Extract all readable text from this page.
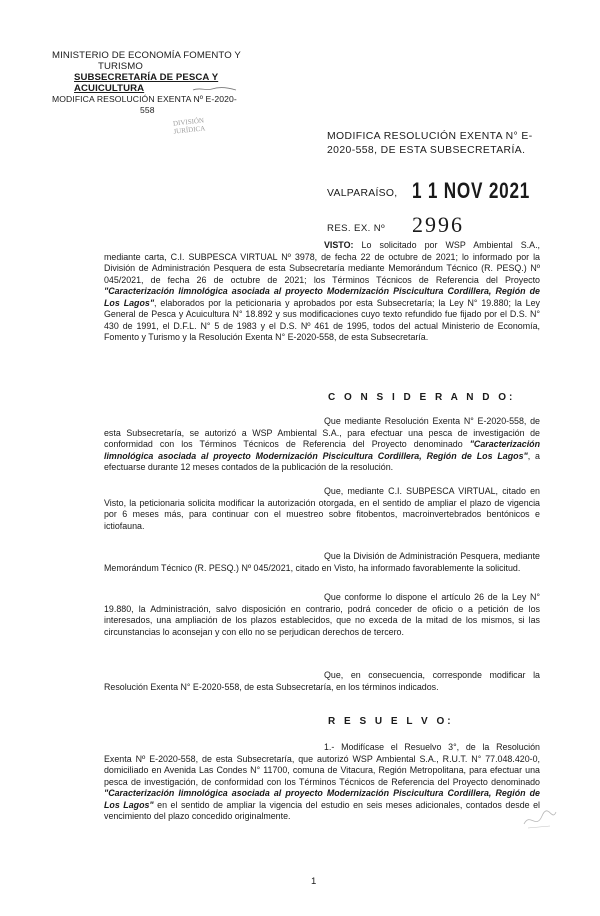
MINISTERIO DE ECONOMÍA FOMENTO Y
TURISMO
SUBSECRETARÍA DE PESCA Y
ACUICULTURA
MODIFICA RESOLUCIÓN EXENTA Nº E-2020-
558
DIVISIÓN
JURÍDICA
MODIFICA RESOLUCIÓN EXENTA N° E-2020-558, DE ESTA SUBSECRETARÍA.
VALPARAÍSO, 1 1 NOV 2021
RES. EX. Nº 2996
VISTO: Lo solicitado por WSP Ambiental S.A., mediante carta, C.I. SUBPESCA VIRTUAL Nº 3978, de fecha 22 de octubre de 2021; lo informado por la División de Administración Pesquera de esta Subsecretaría mediante Memorándum Técnico (R. PESQ.) Nº 045/2021, de fecha 26 de octubre de 2021; los Términos Técnicos de Referencia del Proyecto "Caracterización limnológica asociada al proyecto Modernización Piscicultura Cordillera, Región de Los Lagos", elaborados por la peticionaria y aprobados por esta Subsecretaría; la Ley N° 19.880; la Ley General de Pesca y Acuicultura N° 18.892 y sus modificaciones cuyo texto refundido fue fijado por el D.S. N° 430 de 1991, el D.F.L. N° 5 de 1983 y el D.S. Nº 461 de 1995, todos del actual Ministerio de Economía, Fomento y Turismo y la Resolución Exenta N° E-2020-558, de esta Subsecretaría.
C O N S I D E R A N D O:
Que mediante Resolución Exenta N° E-2020-558, de esta Subsecretaría, se autorizó a WSP Ambiental S.A., para efectuar una pesca de investigación de conformidad con los Términos Técnicos de Referencia del Proyecto denominado "Caracterización limnológica asociada al proyecto Modernización Piscicultura Cordillera, Región de Los Lagos", a efectuarse durante 12 meses contados de la publicación de la resolución.
Que, mediante C.I. SUBPESCA VIRTUAL, citado en Visto, la peticionaria solicita modificar la autorización otorgada, en el sentido de ampliar el plazo de vigencia por 6 meses más, para continuar con el muestreo sobre fitobentos, macroinvertebrados bentónicos e ictiofauna.
Que la División de Administración Pesquera, mediante Memorándum Técnico (R. PESQ.) Nº 045/2021, citado en Visto, ha informado favorablemente la solicitud.
Que conforme lo dispone el artículo 26 de la Ley N° 19.880, la Administración, salvo disposición en contrario, podrá conceder de oficio o a petición de los interesados, una ampliación de los plazos establecidos, que no exceda de la mitad de los mismos, si las circunstancias lo aconsejan y con ello no se perjudican derechos de tercero.
Que, en consecuencia, corresponde modificar la Resolución Exenta N° E-2020-558, de esta Subsecretaría, en los términos indicados.
R E S U E L V O:
1.- Modifícase el Resuelvo 3°, de la Resolución Exenta Nº E-2020-558, de esta Subsecretaría, que autorizó WSP Ambiental S.A., R.U.T. N° 77.048.420-0, domiciliado en Avenida Las Condes N° 11700, comuna de Vitacura, Región Metropolitana, para efectuar una pesca de investigación, de conformidad con los Términos Técnicos de Referencia del Proyecto denominado "Caracterización limnológica asociada al proyecto Modernización Piscicultura Cordillera, Región de Los Lagos" en el sentido de ampliar la vigencia del estudio en seis meses adicionales, contados desde el vencimiento del plazo concedido originalmente.
1
